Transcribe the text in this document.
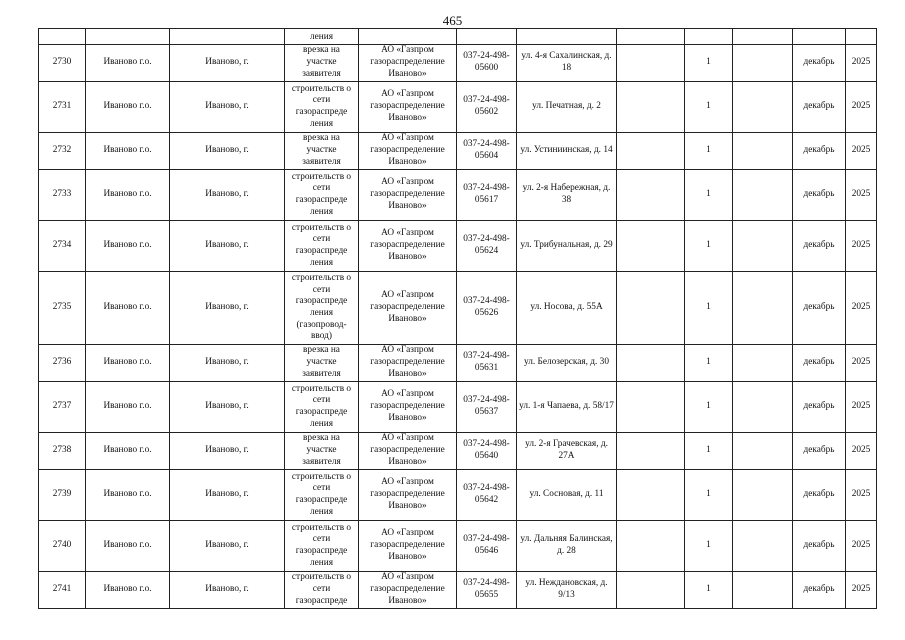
465
			ления								
2730	Иваново г.о.	Иваново, г.	врезка на участке заявителя	АО «Газпром газораспределение Иваново»	037-24-498-05600	ул. 4-я Сахалинская, д. 18		1		декабрь	2025
2731	Иваново г.о.	Иваново, г.	строительств о сети газораспреде ления	АО «Газпром газораспределение Иваново»	037-24-498-05602	ул. Печатная, д. 2		1		декабрь	2025
2732	Иваново г.о.	Иваново, г.	врезка на участке заявителя	АО «Газпром газораспределение Иваново»	037-24-498-05604	ул. Устиниинская, д. 14		1		декабрь	2025
2733	Иваново г.о.	Иваново, г.	строительств о сети газораспреде ления	АО «Газпром газораспределение Иваново»	037-24-498-05617	ул. 2-я Набережная, д. 38		1		декабрь	2025
2734	Иваново г.о.	Иваново, г.	строительств о сети газораспреде ления	АО «Газпром газораспределение Иваново»	037-24-498-05624	ул. Трибунальная, д. 29		1		декабрь	2025
2735	Иваново г.о.	Иваново, г.	строительств о сети газораспреде ления (газопровод-ввод)	АО «Газпром газораспределение Иваново»	037-24-498-05626	ул. Носова, д. 55А		1		декабрь	2025
2736	Иваново г.о.	Иваново, г.	врезка на участке заявителя	АО «Газпром газораспределение Иваново»	037-24-498-05631	ул. Белозерская, д. 30		1		декабрь	2025
2737	Иваново г.о.	Иваново, г.	строительств о сети газораспреде ления	АО «Газпром газораспределение Иваново»	037-24-498-05637	ул. 1-я Чапаева, д. 58/17		1		декабрь	2025
2738	Иваново г.о.	Иваново, г.	врезка на участке заявителя	АО «Газпром газораспределение Иваново»	037-24-498-05640	ул. 2-я Грачевская, д. 27А		1		декабрь	2025
2739	Иваново г.о.	Иваново, г.	строительств о сети газораспреде ления	АО «Газпром газораспределение Иваново»	037-24-498-05642	ул. Сосновая, д. 11		1		декабрь	2025
2740	Иваново г.о.	Иваново, г.	строительств о сети газораспреде ления	АО «Газпром газораспределение Иваново»	037-24-498-05646	ул. Дальняя Балинская, д. 28		1		декабрь	2025
2741	Иваново г.о.	Иваново, г.	строительств о сети газораспреде	АО «Газпром газораспределение Иваново»	037-24-498-05655	ул. Неждановская, д. 9/13		1		декабрь	2025
